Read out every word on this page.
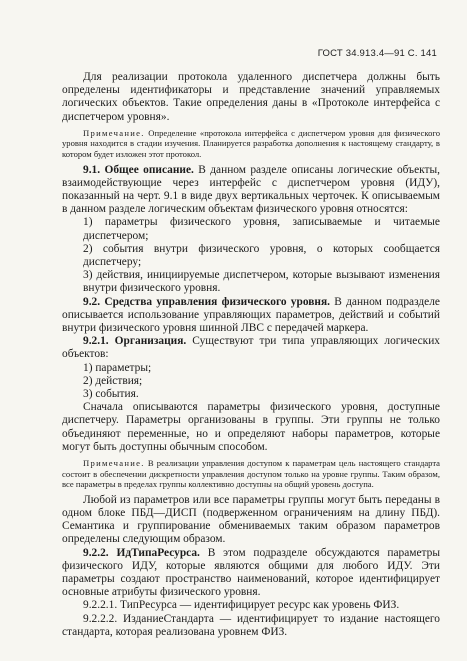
ГОСТ 34.913.4—91 С. 141

Для реализации протокола удаленного диспетчера должны быть определены идентификаторы и представление значений управляемых логических объектов. Такие определения даны в «Протоколе интерфейса с диспетчером уровня».

Примечание. Определение «протокола интерфейса с диспетчером уровня для физического уровня находится в стадии изучения. Планируется разработка дополнения к настоящему стандарту, в котором будет изложен этот протокол.

9.1. Общее описание. В данном разделе описаны логические объекты, взаимодействующие через интерфейс с диспетчером уровня (ИДУ), показанный на черт. 9.1 в виде двух вертикальных черточек. К описываемым в данном разделе логическим объектам физического уровня относятся:

1) параметры физического уровня, записываемые и читаемые диспетчером;

2) события внутри физического уровня, о которых сообщается диспетчеру;

3) действия, инициируемые диспетчером, которые вызывают изменения внутри физического уровня.

9.2. Средства управления физического уровня. В данном подразделе описывается использование управляющих параметров, действий и событий внутри физического уровня шинной ЛВС с передачей маркера.

9.2.1. Организация. Существуют три типа управляющих логических объектов:

1) параметры;
2) действия;
3) события.

Сначала описываются параметры физического уровня, доступные диспетчеру. Параметры организованы в группы. Эти группы не только объединяют переменные, но и определяют наборы параметров, которые могут быть доступны обычным способом.

Примечание. В реализации управления доступом к параметрам цель настоящего стандарта состоит в обеспечении дискретности управления доступом только на уровне группы. Таким образом, все параметры в пределах группы коллективно доступны на общий уровень доступа.

Любой из параметров или все параметры группы могут быть переданы в одном блоке ПБД—ДИСП (подверженном ограничениям на длину ПБД). Семантика и группирование обмениваемых таким образом параметров определены следующим образом.

9.2.2. ИдТипаРесурса. В этом подразделе обсуждаются параметры физического ИДУ, которые являются общими для любого ИДУ. Эти параметры создают пространство наименований, которое идентифицирует основные атрибуты физического уровня.

9.2.2.1. ТипРесурса — идентифицирует ресурс как уровень ФИЗ.

9.2.2.2. ИзданиеСтандарта — идентифицирует то издание настоящего стандарта, которая реализована уровнем ФИЗ.
